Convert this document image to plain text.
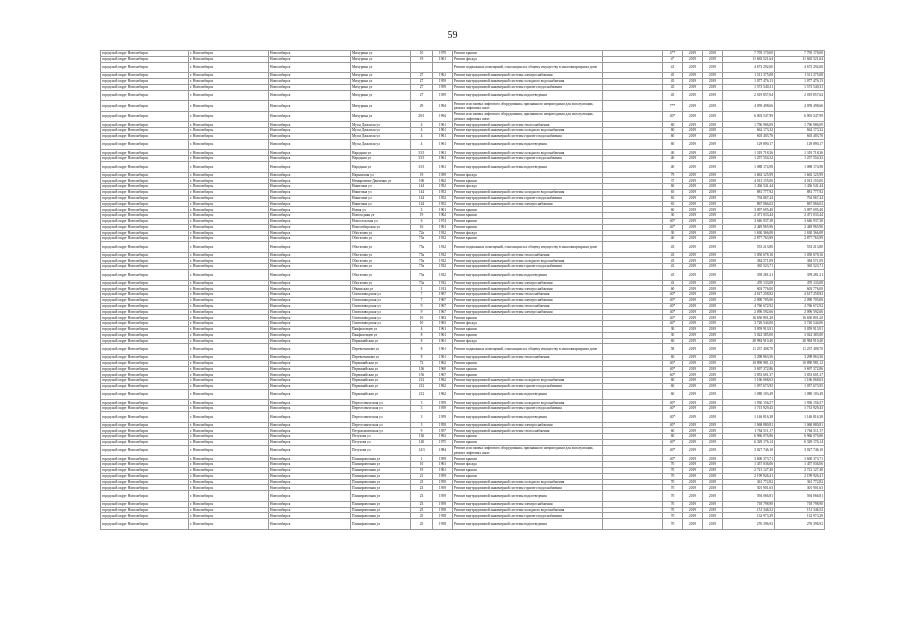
59
городской округ Новосибирск	г. Новосибирск	Новосибирск	Мичурина ул	10	1979	Ремонт крыши		4**	2019	2019	7 795 170,00	7 795 170,00
городской округ Новосибирск	г. Новосибирск	Новосибирск	Мичурина ул	19	1961	Ремонт фасада		4*	2019	2019	11 665 521,64	11 665 521,64
городской округ Новосибирск	г. Новосибирск	Новосибирск	Мичурина ул			Ремонт подвальных помещений, относящихся к общему имуществу в многоквартирном доме		41	2019	2019	4 673 292,60	4 673 292,60
городской округ Новосибирск	г. Новосибирск	Новосибирск	Мичурина ул	27	1961	Ремонт внутридомовой инженерной системы электроснабжения		45	2019	2019	1 511 375,08	1 511 375,08
городской округ Новосибирск	г. Новосибирск	Новосибирск	Мичурина ул	27	1959	Ремонт внутридомовой инженерной системы холодного водоснабжения		45	2019	2019	1 077 476,13	1 077 476,13
городской округ Новосибирск	г. Новосибирск	Новосибирск	Мичурина ул	27	1959	Ремонт внутридомовой инженерной системы горячего водоснабжения		45	2019	2019	1 573 540,31	1 573 540,31
городской округ Новосибирск	г. Новосибирск	Новосибирск	Мичурина ул	27	1959	Ремонт внутридомовой инженерной системы водоотведения		45	2019	2019	2 019 857,64	2 019 857,64
городской округ Новосибирск	г. Новосибирск	Новосибирск	Мичурина ул	29	1994	Ремонт или замена лифтового оборудования, признанного непригодным для эксплуатации, ремонт лифтовых шахт		7**	2019	2019	4 059 498,66	4 059 498,66
городской округ Новосибирск	г. Новосибирск	Новосибирск	Мичурина ул	20/1	1994	Ремонт или замена лифтового оборудования, признанного непригодным для эксплуатации, ремонт лифтовых шахт		40*	2019	2019	6 003 547,99	6 003 547,99
городской округ Новосибирск	г. Новосибирск	Новосибирск	Мусы Джалиля ул	4	1961	Ремонт внутридомовой инженерной системы теплоснабжения		60	2019	2019	1 796 986,09	1 796 986,09
городской округ Новосибирск	г. Новосибирск	Новосибирск	Мусы Джалиля ул	4	1961	Ремонт внутридомовой инженерной системы холодного водоснабжения		60	2019	2019	662 173,32	662 173,32
городской округ Новосибирск	г. Новосибирск	Новосибирск	Мусы Джалиля ул	4	1961	Ремонт внутридомовой инженерной системы горячего водоснабжения		60	2019	2019	603 403,76	603 403,76
городской округ Новосибирск	г. Новосибирск	Новосибирск	Мусы Джалиля ул	4	1961	Ремонт внутридомовой инженерной системы водоотведения		60	2019	2019	129 890,17	129 890,17
городской округ Новосибирск	г. Новосибирск	Новосибирск	Народная ул	33/1	1961	Ремонт внутридомовой инженерной системы холодного водоснабжения		40	2019	2019	1 319 718,36	1 319 718,36
городской округ Новосибирск	г. Новосибирск	Новосибирск	Народная ул	33/1	1961	Ремонт внутридомовой инженерной системы горячего водоснабжения		40	2019	2019	1 257 554,32	1 257 554,32
городской округ Новосибирск	г. Новосибирск	Новосибирск	Народная ул	33/1	1961	Ремонт внутридомовой инженерной системы водоотведения		40	2019	2019	1 088 174,98	1 088 174,98
городской округ Новосибирск	г. Новосибирск	Новосибирск	Нарымская ул	19	1959	Ремонт фасада		79	2019	2019	1 663 125,99	1 663 125,99
городской округ Новосибирск	г. Новосибирск	Новосибирск	Немировича-Данченко ул	106	1962	Ремонт крыши		37	2019	2019	4 013 155,00	4 013 155,00
городской округ Новосибирск	г. Новосибирск	Новосибирск	Никитина ул	144	1952	Ремонт фасада		60	2019	2019	1 436 541,44	1 436 541,44
городской округ Новосибирск	г. Новосибирск	Новосибирск	Никитина ул	144	1952	Ремонт внутридомовой инженерной системы холодного водоснабжения		65	2019	2019	881 777,92	881 777,92
городской округ Новосибирск	г. Новосибирск	Новосибирск	Никитина ул	144	1952	Ремонт внутридомовой инженерной системы горячего водоснабжения		65	2019	2019	702 067,24	702 067,24
городской округ Новосибирск	г. Новосибирск	Новосибирск	Никитина ул	144	1952	Ремонт внутридомовой инженерной системы электроснабжения		65	2019	2019	867 066,02	867 066,02
городской округ Новосибирск	г. Новосибирск	Новосибирск	Новая ул	3	1961	Ремонт крыши		60	2019	2019	3 097 695,40	3 097 695,40
городской округ Новосибирск	г. Новосибирск	Новосибирск	Новогодняя ул	19	1962	Ремонт крыши		30	2019	2019	2 471 033,44	2 471 033,44
городской округ Новосибирск	г. Новосибирск	Новосибирск	Новосельская ул	6	1974	Ремонт крыши		40*	2019	2019	3 646 937,38	3 646 937,38
городской округ Новосибирск	г. Новосибирск	Новосибирск	Новосибирская ул	16	1961	Ремонт крыши		40*	2019	2019	2 449 965,96	2 449 965,96
городской округ Новосибирск	г. Новосибирск	Новосибирск	Обогатова ул	72а	1932	Ремонт фасада		30	2019	2019	1 630 366,08	1 630 366,08
городской округ Новосибирск	г. Новосибирск	Новосибирск	Обогатова ул	75а	1932	Ремонт крыши		40	2019	2019	2 877 763,99	2 877 763,99
городской округ Новосибирск	г. Новосибирск	Новосибирск	Обогатова ул	75а	1932	Ремонт подвальных помещений, относящихся к общему имуществу в многоквартирном доме		43	2019	2019	553 213,80	553 213,80
городской округ Новосибирск	г. Новосибирск	Новосибирск	Обогатова ул	75а	1932	Ремонт внутридомовой инженерной системы теплоснабжения		43	2019	2019	1 050 678,16	1 050 678,16
городской округ Новосибирск	г. Новосибирск	Новосибирск	Обогатова ул	75а	1932	Ремонт внутридомовой инженерной системы холодного водоснабжения		43	2019	2019	384 571,09	384 571,09
городской округ Новосибирск	г. Новосибирск	Новосибирск	Обогатова ул	75а	1932	Ремонт внутридомовой инженерной системы горячего водоснабжения		43	2019	2019	365 523,71	365 523,71
городской округ Новосибирск	г. Новосибирск	Новосибирск	Обогатова ул	75а	1932	Ремонт внутридомовой инженерной системы водоотведения		43	2019	2019	359 281,21	359 281,21
городской округ Новосибирск	г. Новосибирск	Новосибирск	Обогатова ул	75а	1932	Ремонт внутридомовой инженерной системы электроснабжения		43	2019	2019	470 133,08	470 133,08
городской округ Новосибирск	г. Новосибирск	Новосибирск	Обнинская ул	1	1913	Ремонт внутридомовой инженерной системы электроснабжения		60	2019	2019	603 776,00	603 776,00
городской округ Новосибирск	г. Новосибирск	Новосибирск	Оловозаводская ул	7	1967	Ремонт внутридомовой инженерной системы теплоснабжения		40*	2019	2019	4 617 258,82	4 617 258,82
городской округ Новосибирск	г. Новосибирск	Новосибирск	Оловозаводская ул	7	1967	Ремонт внутридомовой инженерной системы электроснабжения		40*	2019	2019	2 090 705,06	2 090 705,06
городской округ Новосибирск	г. Новосибирск	Новосибирск	Оловозаводская ул	9	1967	Ремонт внутридомовой инженерной системы теплоснабжения		40*	2019	2019	4 766 672,92	4 766 672,92
городской округ Новосибирск	г. Новосибирск	Новосибирск	Оловозаводская ул	9	1967	Ремонт внутридомовой инженерной системы электроснабжения		40*	2019	2019	2 096 592,66	2 096 592,66
городской округ Новосибирск	г. Новосибирск	Новосибирск	Оловозаводская ул	10	1963	Ремонт крыши		40*	2019	2019	16 650 801,20	16 650 801,20
городской округ Новосибирск	г. Новосибирск	Новосибирск	Оловозаводская ул	10	1963	Ремонт фасада		40*	2019	2019	3 720 544,06	3 720 544,06
городской округ Новосибирск	г. Новосибирск	Новосибирск	Панфиловцев ул	4	1961	Ремонт крыши		30	2019	2019	3 059 913,91	3 059 913,91
городской округ Новосибирск	г. Новосибирск	Новосибирск	Панфиловцев ул	8	1961	Ремонт крыши		30	2019	2019	3 022 385,00	3 022 385,00
городской округ Новосибирск	г. Новосибирск	Новосибирск	Первомайская ул	8	1961	Ремонт фасада		60	2019	2019	28 984 910,40	28 984 910,40
городской округ Новосибирск	г. Новосибирск	Новосибирск	Перевозчикова ул	8	1961	Ремонт подвальных помещений, относящихся к общему имуществу в многоквартирном доме		58	2019	2019	11 237 408,70	11 237 408,70
городской округ Новосибирск	г. Новосибирск	Новосибирск	Перевозчикова ул	8	1961	Ремонт внутридомовой инженерной системы теплоснабжения		60	2019	2019	3 298 863,56	3 298 863,56
городской округ Новосибирск	г. Новосибирск	Новосибирск	Первомайская ул	72	1962	Ремонт крыши		40*	2019	2019	10 890 981,12	10 890 981,12
городской округ Новосибирск	г. Новосибирск	Новосибирск	Первомайская ул	136	1960	Ремонт крыши		40*	2019	2019	3 697 372,86	3 697 372,86
городской округ Новосибирск	г. Новосибирск	Новосибирск	Первомайская ул	156	1967	Ремонт крыши		60*	2019	2019	3 853 601,37	3 853 601,37
городской округ Новосибирск	г. Новосибирск	Новосибирск	Первомайская ул	212	1962	Ремонт внутридомовой инженерной системы холодного водоснабжения		60	2019	2019	1 166 068,63	1 166 068,63
городской округ Новосибирск	г. Новосибирск	Новосибирск	Первомайская ул	212	1962	Ремонт внутридомовой инженерной системы горячего водоснабжения		60	2019	2019	1 057 673,95	1 057 673,95
городской округ Новосибирск	г. Новосибирск	Новосибирск	Первомайская ул	212	1962	Ремонт внутридомовой инженерной системы водоотведения		60	2019	2019	1 080 103,49	1 080 103,49
городской округ Новосибирск	г. Новосибирск	Новосибирск	Переселенческая ул	3	1959	Ремонт внутридомовой инженерной системы холодного водоснабжения		40*	2019	2019	1 930 156,57	1 930 156,57
городской округ Новосибирск	г. Новосибирск	Новосибирск	Переселенческая ул	3	1959	Ремонт внутридомовой инженерной системы горячего водоснабжения		40*	2019	2019	1 715 929,43	1 715 929,43
городской округ Новосибирск	г. Новосибирск	Новосибирск	Переселенческая ул	3	1959	Ремонт внутридомовой инженерной системы водоотведения		40*	2019	2019	1 146 816,38	1 146 816,38
городской округ Новосибирск	г. Новосибирск	Новосибирск	Переселенческая ул	3	1959	Ремонт внутридомовой инженерной системы электроснабжения		40*	2019	2019	1 068 880,81	1 068 880,81
городской округ Новосибирск	г. Новосибирск	Новосибирск	Петропавловская ул	9	1957	Ремонт внутридомовой инженерной системы теплоснабжения		60	2019	2019	1 764 511,17	1 764 511,17
городской округ Новосибирск	г. Новосибирск	Новосибирск	Петухова ул	136	1963	Ремонт крыши		60	2019	2019	6 966 076,86	6 966 076,86
городской округ Новосибирск	г. Новосибирск	Новосибирск	Петухова ул	140	1975	Ремонт крыши		40*	2019	2019	6 329 176,14	6 329 176,14
городской округ Новосибирск	г. Новосибирск	Новосибирск	Петухова ул	14/3	1984	Ремонт или замена лифтового оборудования, признанного непригодным для эксплуатации, ремонт лифтовых шахт		40*	2019	2019	3 027 746,10	3 027 746,10
городской округ Новосибирск	г. Новосибирск	Новосибирск	Планировочная ул	1	1959	Ремонт крыши		40*	2019	2019	3 600 373,71	3 600 373,71
городской округ Новосибирск	г. Новосибирск	Новосибирск	Планировочная ул	10	1961	Ремонт фасада		70	2019	2019	1 457 036,06	1 457 036,06
городской округ Новосибирск	г. Новосибирск	Новосибирск	Планировочная ул	19	1961	Ремонт крыши		70	2019	2019	2 721 127,40	2 721 127,40
городской округ Новосибирск	г. Новосибирск	Новосибирск	Планировочная ул	21	1959	Ремонт крыши		70	2019	2019	2 199 926,41	2 199 926,41
городской округ Новосибирск	г. Новосибирск	Новосибирск	Планировочная ул	23	1959	Ремонт внутридомовой инженерной системы холодного водоснабжения		70	2019	2019	361 772,82	361 772,82
городской округ Новосибирск	г. Новосибирск	Новосибирск	Планировочная ул	23	1959	Ремонт внутридомовой инженерной системы горячего водоснабжения		70	2019	2019	301 901,63	301 901,63
городской округ Новосибирск	г. Новосибирск	Новосибирск	Планировочная ул	23	1959	Ремонт внутридомовой инженерной системы водоотведения		70	2019	2019	594 066,81	594 066,81
городской округ Новосибирск	г. Новосибирск	Новосибирск	Планировочная ул	23	1959	Ремонт внутридомовой инженерной системы электроснабжения		70	2019	2019	718 798,90	718 798,90
городской округ Новосибирск	г. Новосибирск	Новосибирск	Планировочная ул	25	1958	Ремонт внутридомовой инженерной системы холодного водоснабжения		70	2019	2019	151 346,52	151 346,52
городской округ Новосибирск	г. Новосибирск	Новосибирск	Планировочная ул	25	1958	Ремонт внутридомовой инженерной системы горячего водоснабжения		70	2019	2019	132 973,29	132 973,29
городской округ Новосибирск	г. Новосибирск	Новосибирск	Планировочная ул	25	1958	Ремонт внутридомовой инженерной системы водоотведения		70	2019	2019	276 396,92	276 396,92
